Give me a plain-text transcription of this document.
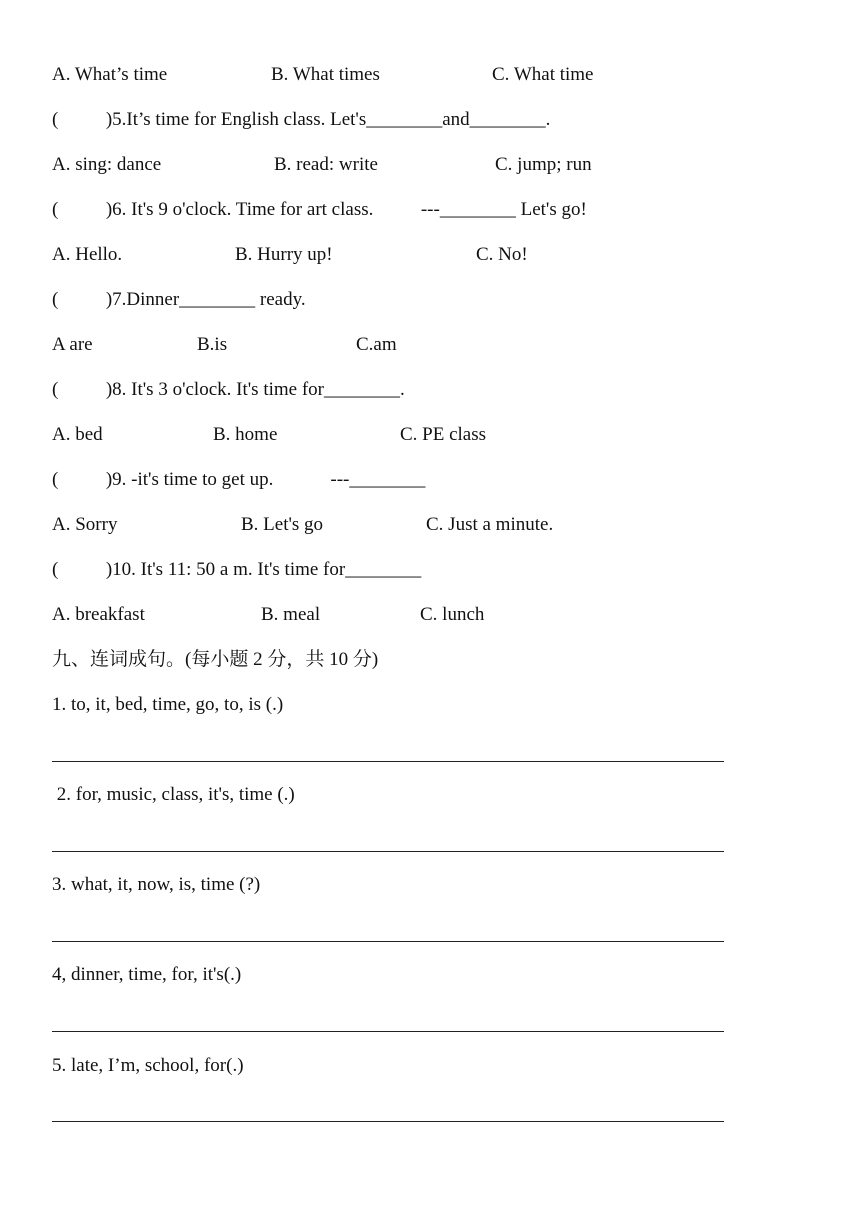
A. What’s time	B. What times	C. What time
(          )5.It’s time for English class. Let's________and________.
A. sing: dance	B. read: write	C. jump; run
(          )6. It's 9 o'clock. Time for art class.          ---________ Let's go!
A. Hello.	B. Hurry up!	C. No!
(          )7.Dinner________ ready.
A are	B.is	C.am
(          )8. It's 3 o'clock. It's time for________.
A. bed	B. home	C. PE class
(          )9. -it's time to get up.            ---________
A. Sorry	B. Let's go	C. Just a minute.
(          )10. It's 11: 50 a m. It's time for________
A. breakfast	B. meal	C. lunch
九、连词成句。(每小题 2 分，共 10 分)
1. to, it, bed, time, go, to, is (.)
2. for, music, class, it's, time (.)
3. what, it, now, is, time (?)
4, dinner, time, for, it's(.)
5. late, I’m, school, for(.)
